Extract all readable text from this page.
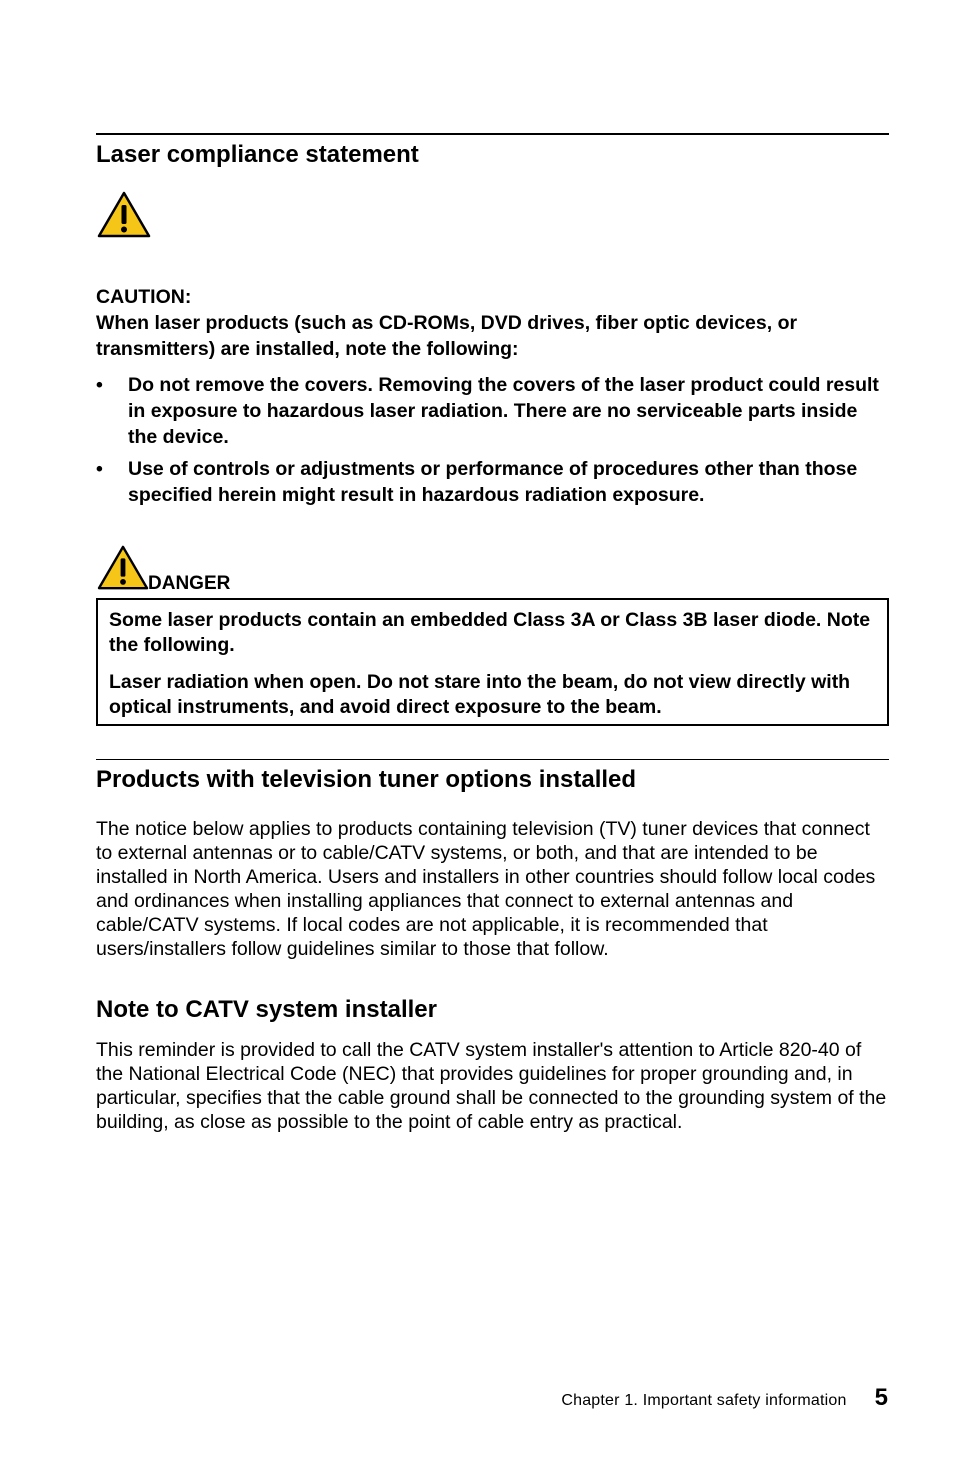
Laser compliance statement
CAUTION:
When laser products (such as CD-ROMs, DVD drives, fiber optic devices, or transmitters) are installed, note the following:
• Do not remove the covers. Removing the covers of the laser product could result in exposure to hazardous laser radiation. There are no serviceable parts inside the device.
• Use of controls or adjustments or performance of procedures other than those specified herein might result in hazardous radiation exposure.
DANGER

Some laser products contain an embedded Class 3A or Class 3B laser diode. Note the following.

Laser radiation when open. Do not stare into the beam, do not view directly with optical instruments, and avoid direct exposure to the beam.

Products with television tuner options installed

The notice below applies to products containing television (TV) tuner devices that connect to external antennas or to cable/CATV systems, or both, and that are intended to be installed in North America. Users and installers in other countries should follow local codes and ordinances when installing appliances that connect to external antennas and cable/CATV systems. If local codes are not applicable, it is recommended that users/installers follow guidelines similar to those that follow.

Note to CATV system installer

This reminder is provided to call the CATV system installer's attention to Article 820-40 of the National Electrical Code (NEC) that provides guidelines for proper grounding and, in particular, specifies that the cable ground shall be connected to the grounding system of the building, as close as possible to the point of cable entry as practical.

Chapter 1. Important safety information 5
